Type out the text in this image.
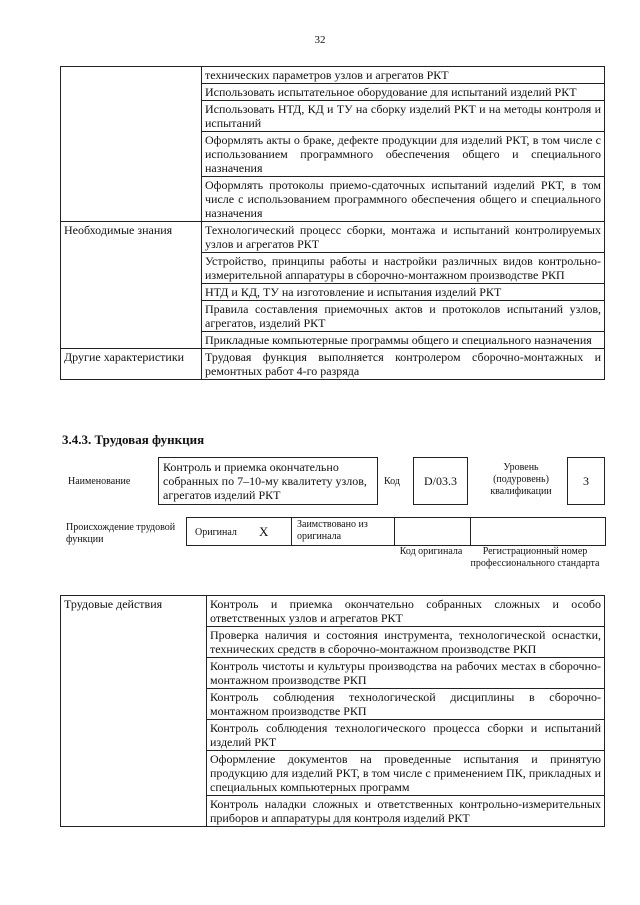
32
	технических параметров узлов и агрегатов РКТ
	Использовать испытательное оборудование для испытаний изделий РКТ
	Использовать НТД, КД и ТУ на сборку изделий РКТ и на методы контроля и испытаний
	Оформлять акты о браке, дефекте продукции для изделий РКТ, в том числе с использованием программного обеспечения общего и специального назначения
	Оформлять протоколы приемо-сдаточных испытаний изделий РКТ, в том числе с использованием программного обеспечения общего и специального назначения
Необходимые знания	Технологический процесс сборки, монтажа и испытаний контролируемых узлов и агрегатов РКТ
	Устройство, принципы работы и настройки различных видов контрольно-измерительной аппаратуры в сборочно-монтажном производстве РКП
	НТД и КД, ТУ на изготовление и испытания изделий РКТ
	Правила составления приемочных актов и протоколов испытаний узлов, агрегатов, изделий РКТ
	Прикладные компьютерные программы общего и специального назначения
Другие характеристики	Трудовая функция выполняется контролером сборочно-монтажных и ремонтных работ 4-го разряда
3.4.3. Трудовая функция
Наименование
Контроль и приемка окончательно собранных по 7–10-му квалитету узлов, агрегатов изделий РКТ
Код	D/03.3
Уровень (подуровень) квалификации
3
Происхождение трудовой функции
Оригинал X	Заимствовано из оригинала
Код оригинала	Регистрационный номер профессионального стандарта
Трудовые действия	Контроль и приемка окончательно собранных сложных и особо ответственных узлов и агрегатов РКТ
Проверка наличия и состояния инструмента, технологической оснастки, технических средств в сборочно-монтажном производстве РКП
Контроль чистоты и культуры производства на рабочих местах в сборочно-монтажном производстве РКП
Контроль соблюдения технологической дисциплины в сборочно-монтажном производстве РКП
Контроль соблюдения технологического процесса сборки и испытаний изделий РКТ
Оформление документов на проведенные испытания и принятую продукцию для изделий РКТ, в том числе с применением ПК, прикладных и специальных компьютерных программ
Контроль наладки сложных и ответственных контрольно-измерительных приборов и аппаратуры для контроля изделий РКТ
